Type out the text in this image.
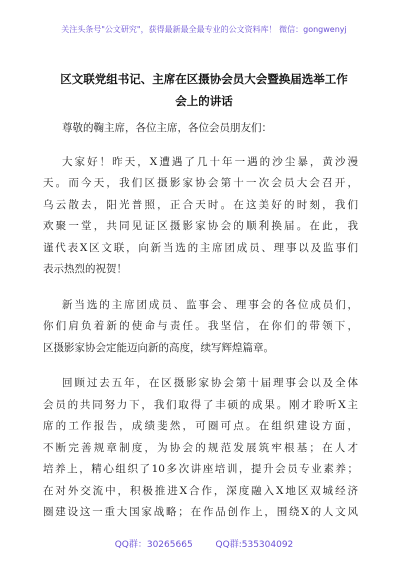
关注头条号"公文研究"，获得最新最全最专业的公文资料库！ 微信：gongwenyj
区文联党组书记、主席在区摄协会员大会暨换届选举工作
会上的讲话
尊敬的鞠主席，各位主席，各位会员朋友们：
大家好！昨天，X遭遇了几十年一遇的沙尘暴，黄沙漫
天。而今天，我们区摄影家协会第十一次会员大会召开，
乌云散去，阳光普照，正合天时。在这美好的时刻，我们
欢聚一堂，共同见证区摄影家协会的顺利换届。在此，我
谨代表X区文联，向新当选的主席团成员、理事以及监事们
表示热烈的祝贺！
新当选的主席团成员、监事会、理事会的各位成员们，
你们肩负着新的使命与责任。我坚信，在你们的带领下，
区摄影家协会定能迈向新的高度，续写辉煌篇章。
回顾过去五年，在区摄影家协会第十届理事会以及全体
会员的共同努力下，我们取得了丰硕的成果。刚才聆听X主
席的工作报告，成绩斐然，可圈可点。在组织建设方面，
不断完善规章制度，为协会的规范发展筑牢根基；在人才
培养上，精心组织了10多次讲座培训，提升会员专业素养；
在对外交流中，积极推进X合作，深度融入X地区双城经济
圈建设这一重大国家战略；在作品创作上，围绕X的人文风
QQ群：30265665	QQ群:535304092
